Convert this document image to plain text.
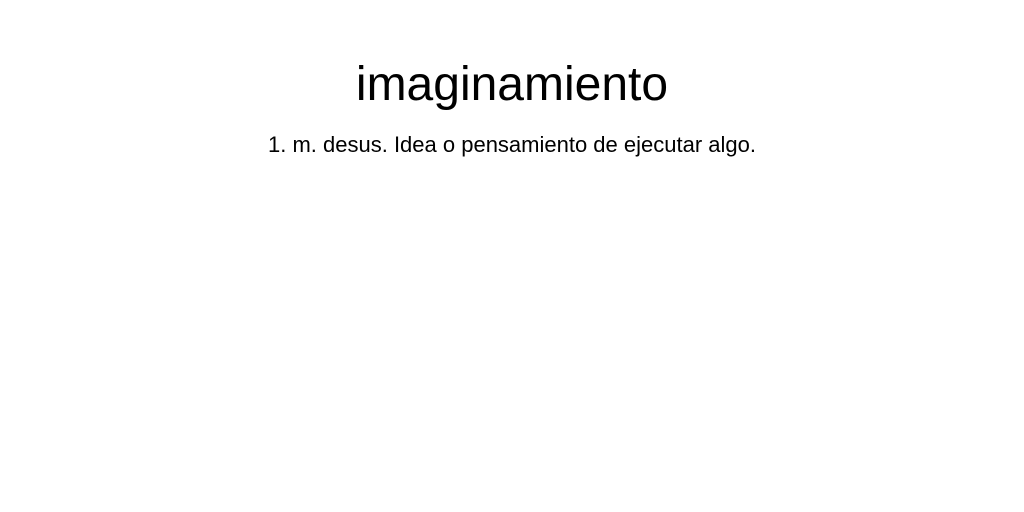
imaginamiento

1. m. desus. Idea o pensamiento de ejecutar algo.
